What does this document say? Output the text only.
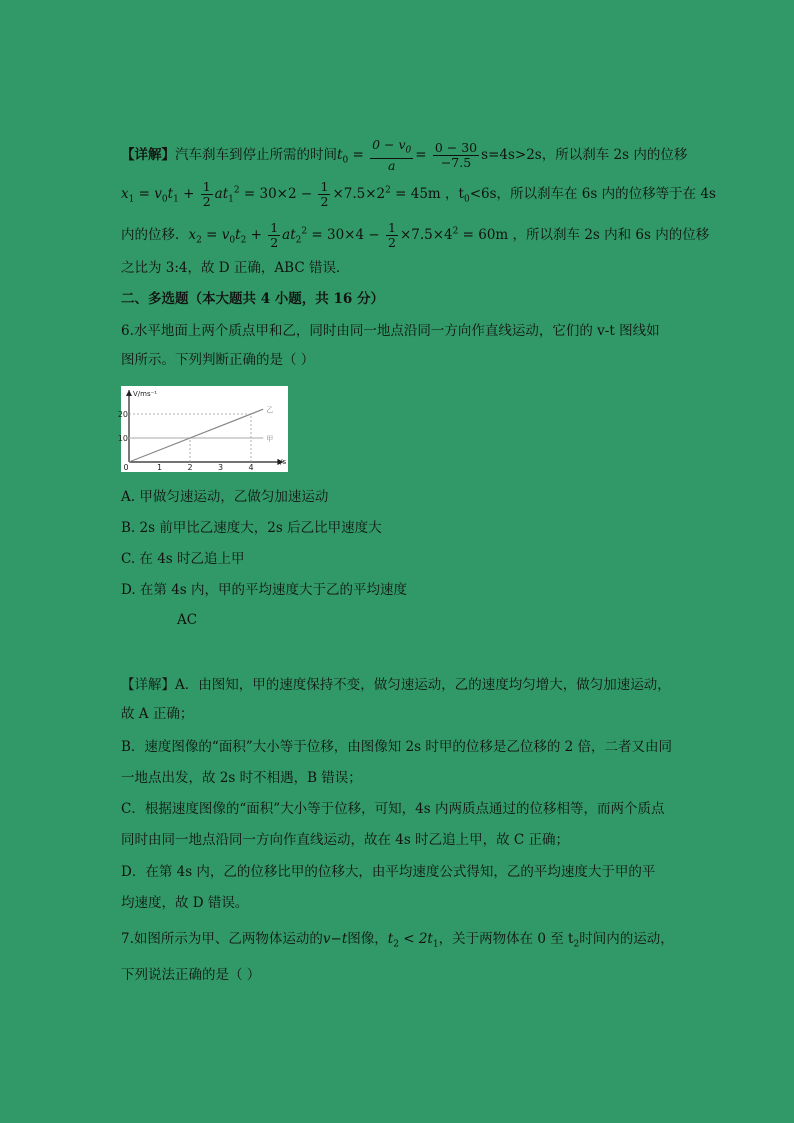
【详解】汽车刹车到停止所需的时间$t_0 = \frac{0 - v_0}{a} = \frac{0 - 30}{-7.5} s=4s>2s$，所以刹车 2s 内的位移
$x_1 = v_0t_1 + \frac{1}{2} at_1^2 = 30\times 2 - \frac{1}{2} \times 7.5\times 2^2 = 45m$ ，$t_0<6s$，所以刹车在 6s 内的位移等于在 4s
内的位移．$x_2 = v_0t_2 + \frac{1}{2} at_2^2 = 30\times 4 - \frac{1}{2} \times 7.5\times 4^2 = 60m$ ，所以刹车 2s 内和 6s 内的位移
之比为 3:4，故 D 正确，ABC 错误．
二、多选题（本大题共 4 小题，共 16 分）
6.水平地面上两个质点甲和乙，同时由同一地点沿同一方向作直线运动，它们的 v-t 图线如
图所示。下列判断正确的是（ ）
10
20
0	1	2	3	4
V/ms⁻¹
t/s
甲
乙
A. 甲做匀速运动，乙做匀加速运动
B. 2s 前甲比乙速度大，2s 后乙比甲速度大
C. 在 4s 时乙追上甲
D. 在第 4s 内，甲的平均速度大于乙的平均速度
AC
【详解】A．由图知，甲的速度保持不变，做匀速运动，乙的速度均匀增大，做匀加速运动，
故 A 正确；
B．速度图像的“面积”大小等于位移，由图像知 2s 时甲的位移是乙位移的 2 倍，二者又由同
一地点出发，故 2s 时不相遇，B 错误；
C．根据速度图像的“面积”大小等于位移，可知，4s 内两质点通过的位移相等，而两个质点
同时由同一地点沿同一方向作直线运动，故在 4s 时乙追上甲，故 C 正确；
D．在第 4s 内，乙的位移比甲的位移大，由平均速度公式得知，乙的平均速度大于甲的平
均速度，故 D 错误。
7.如图所示为甲、乙两物体运动的v−t图像，$t_2 < 2t_1$，关于两物体在 0 至 $t_2$时间内的运动，
下列说法正确的是（ ）
